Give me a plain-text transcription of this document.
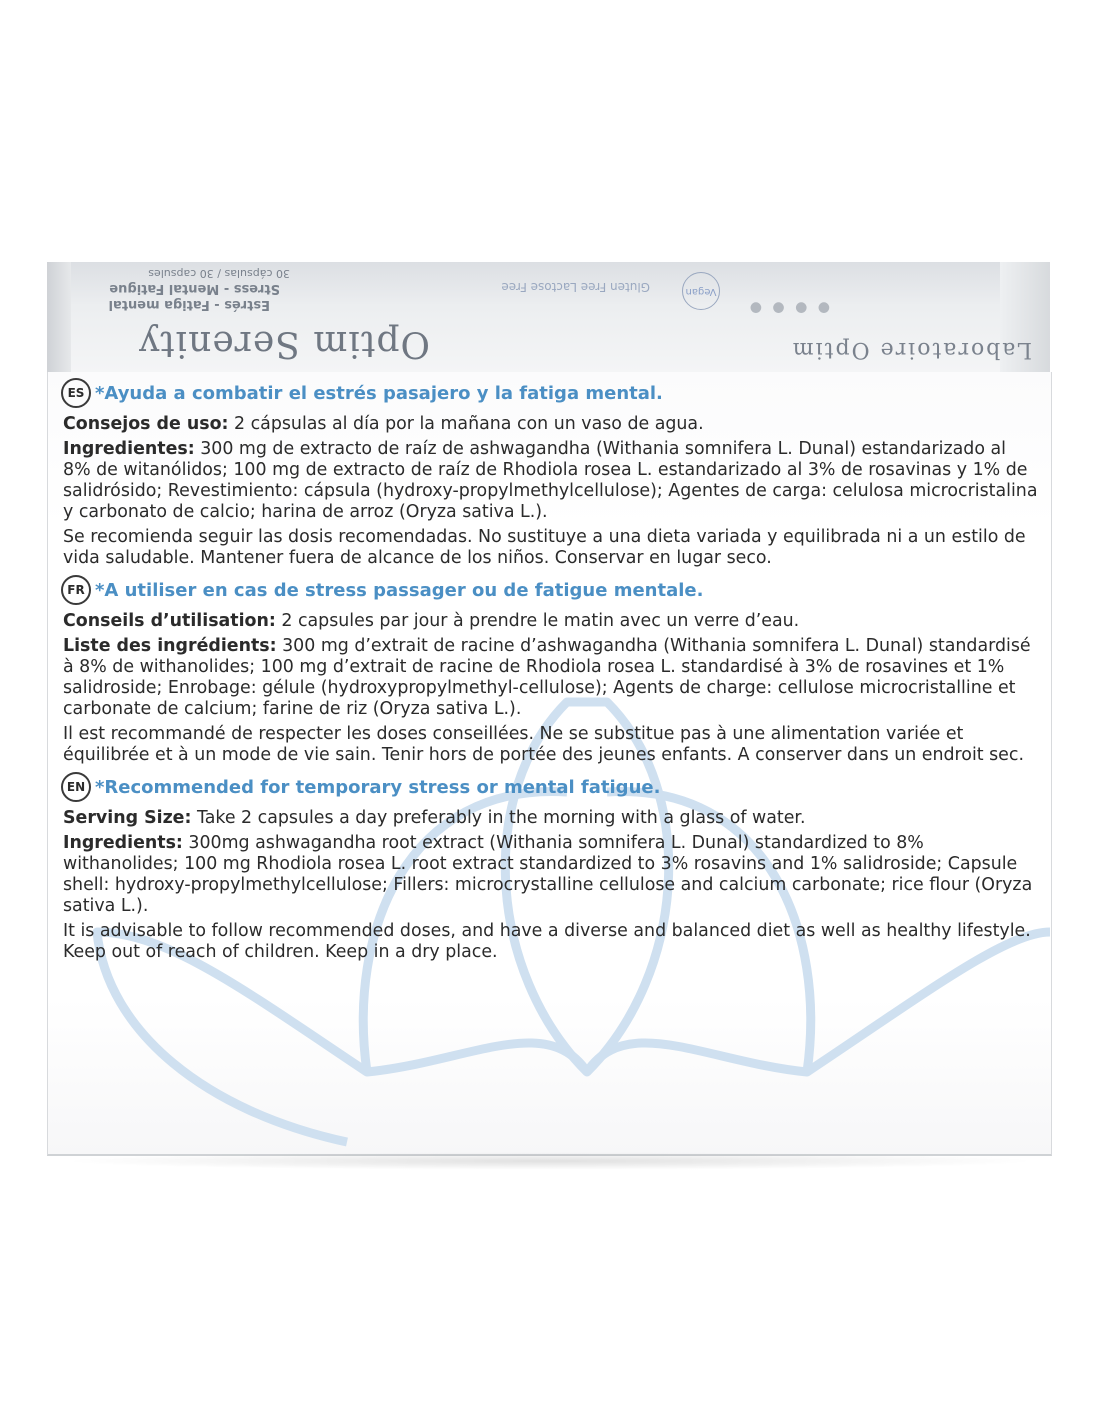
Optim Serenity	Laboratoire Optim
Estrés - Fatiga mental
Stress - Mental Fatigue
30 cápsulas / 30 capsules
Gluten Free Lactose Free	Vegan
● ● ● ●
ES *Ayuda a combatir el estrés pasajero y la fatiga mental.

Consejos de uso: 2 cápsulas al día por la mañana con un vaso de agua.

Ingredientes: 300 mg de extracto de raíz de ashwagandha (Withania somnifera L. Dunal) estandarizado al 8% de witanólidos; 100 mg de extracto de raíz de Rhodiola rosea L. estandarizado al 3% de rosavinas y 1% de salidrósido; Revestimiento: cápsula (hydroxy-propylmethylcellulose); Agentes de carga: celulosa microcristalina y carbonato de calcio; harina de arroz (Oryza sativa L.).

Se recomienda seguir las dosis recomendadas. No sustituye a una dieta variada y equilibrada ni a un estilo de vida saludable. Mantener fuera de alcance de los niños. Conservar en lugar seco.

FR *A utiliser en cas de stress passager ou de fatigue mentale.

Conseils d’utilisation: 2 capsules par jour à prendre le matin avec un verre d’eau.

Liste des ingrédients: 300 mg d’extrait de racine d’ashwagandha (Withania somnifera L. Dunal) standardisé à 8% de withanolides; 100 mg d’extrait de racine de Rhodiola rosea L. standardisé à 3% de rosavines et 1% salidroside; Enrobage: gélule (hydroxypropylmethyl-cellulose); Agents de charge: cellulose microcristalline et carbonate de calcium; farine de riz (Oryza sativa L.).

Il est recommandé de respecter les doses conseillées. Ne se substitue pas à une alimentation variée et équilibrée et à un mode de vie sain. Tenir hors de portée des jeunes enfants. A conserver dans un endroit sec.

EN *Recommended for temporary stress or mental fatigue.

Serving Size: Take 2 capsules a day preferably in the morning with a glass of water.

Ingredients: 300mg ashwagandha root extract (Withania somnifera L. Dunal) standardized to 8% withanolides; 100 mg Rhodiola rosea L. root extract standardized to 3% rosavins and 1% salidroside; Capsule shell: hydroxy-propylmethylcellulose; Fillers: microcrystalline cellulose and calcium carbonate; rice flour (Oryza sativa L.).

It is advisable to follow recommended doses, and have a diverse and balanced diet as well as healthy lifestyle. Keep out of reach of children. Keep in a dry place.
